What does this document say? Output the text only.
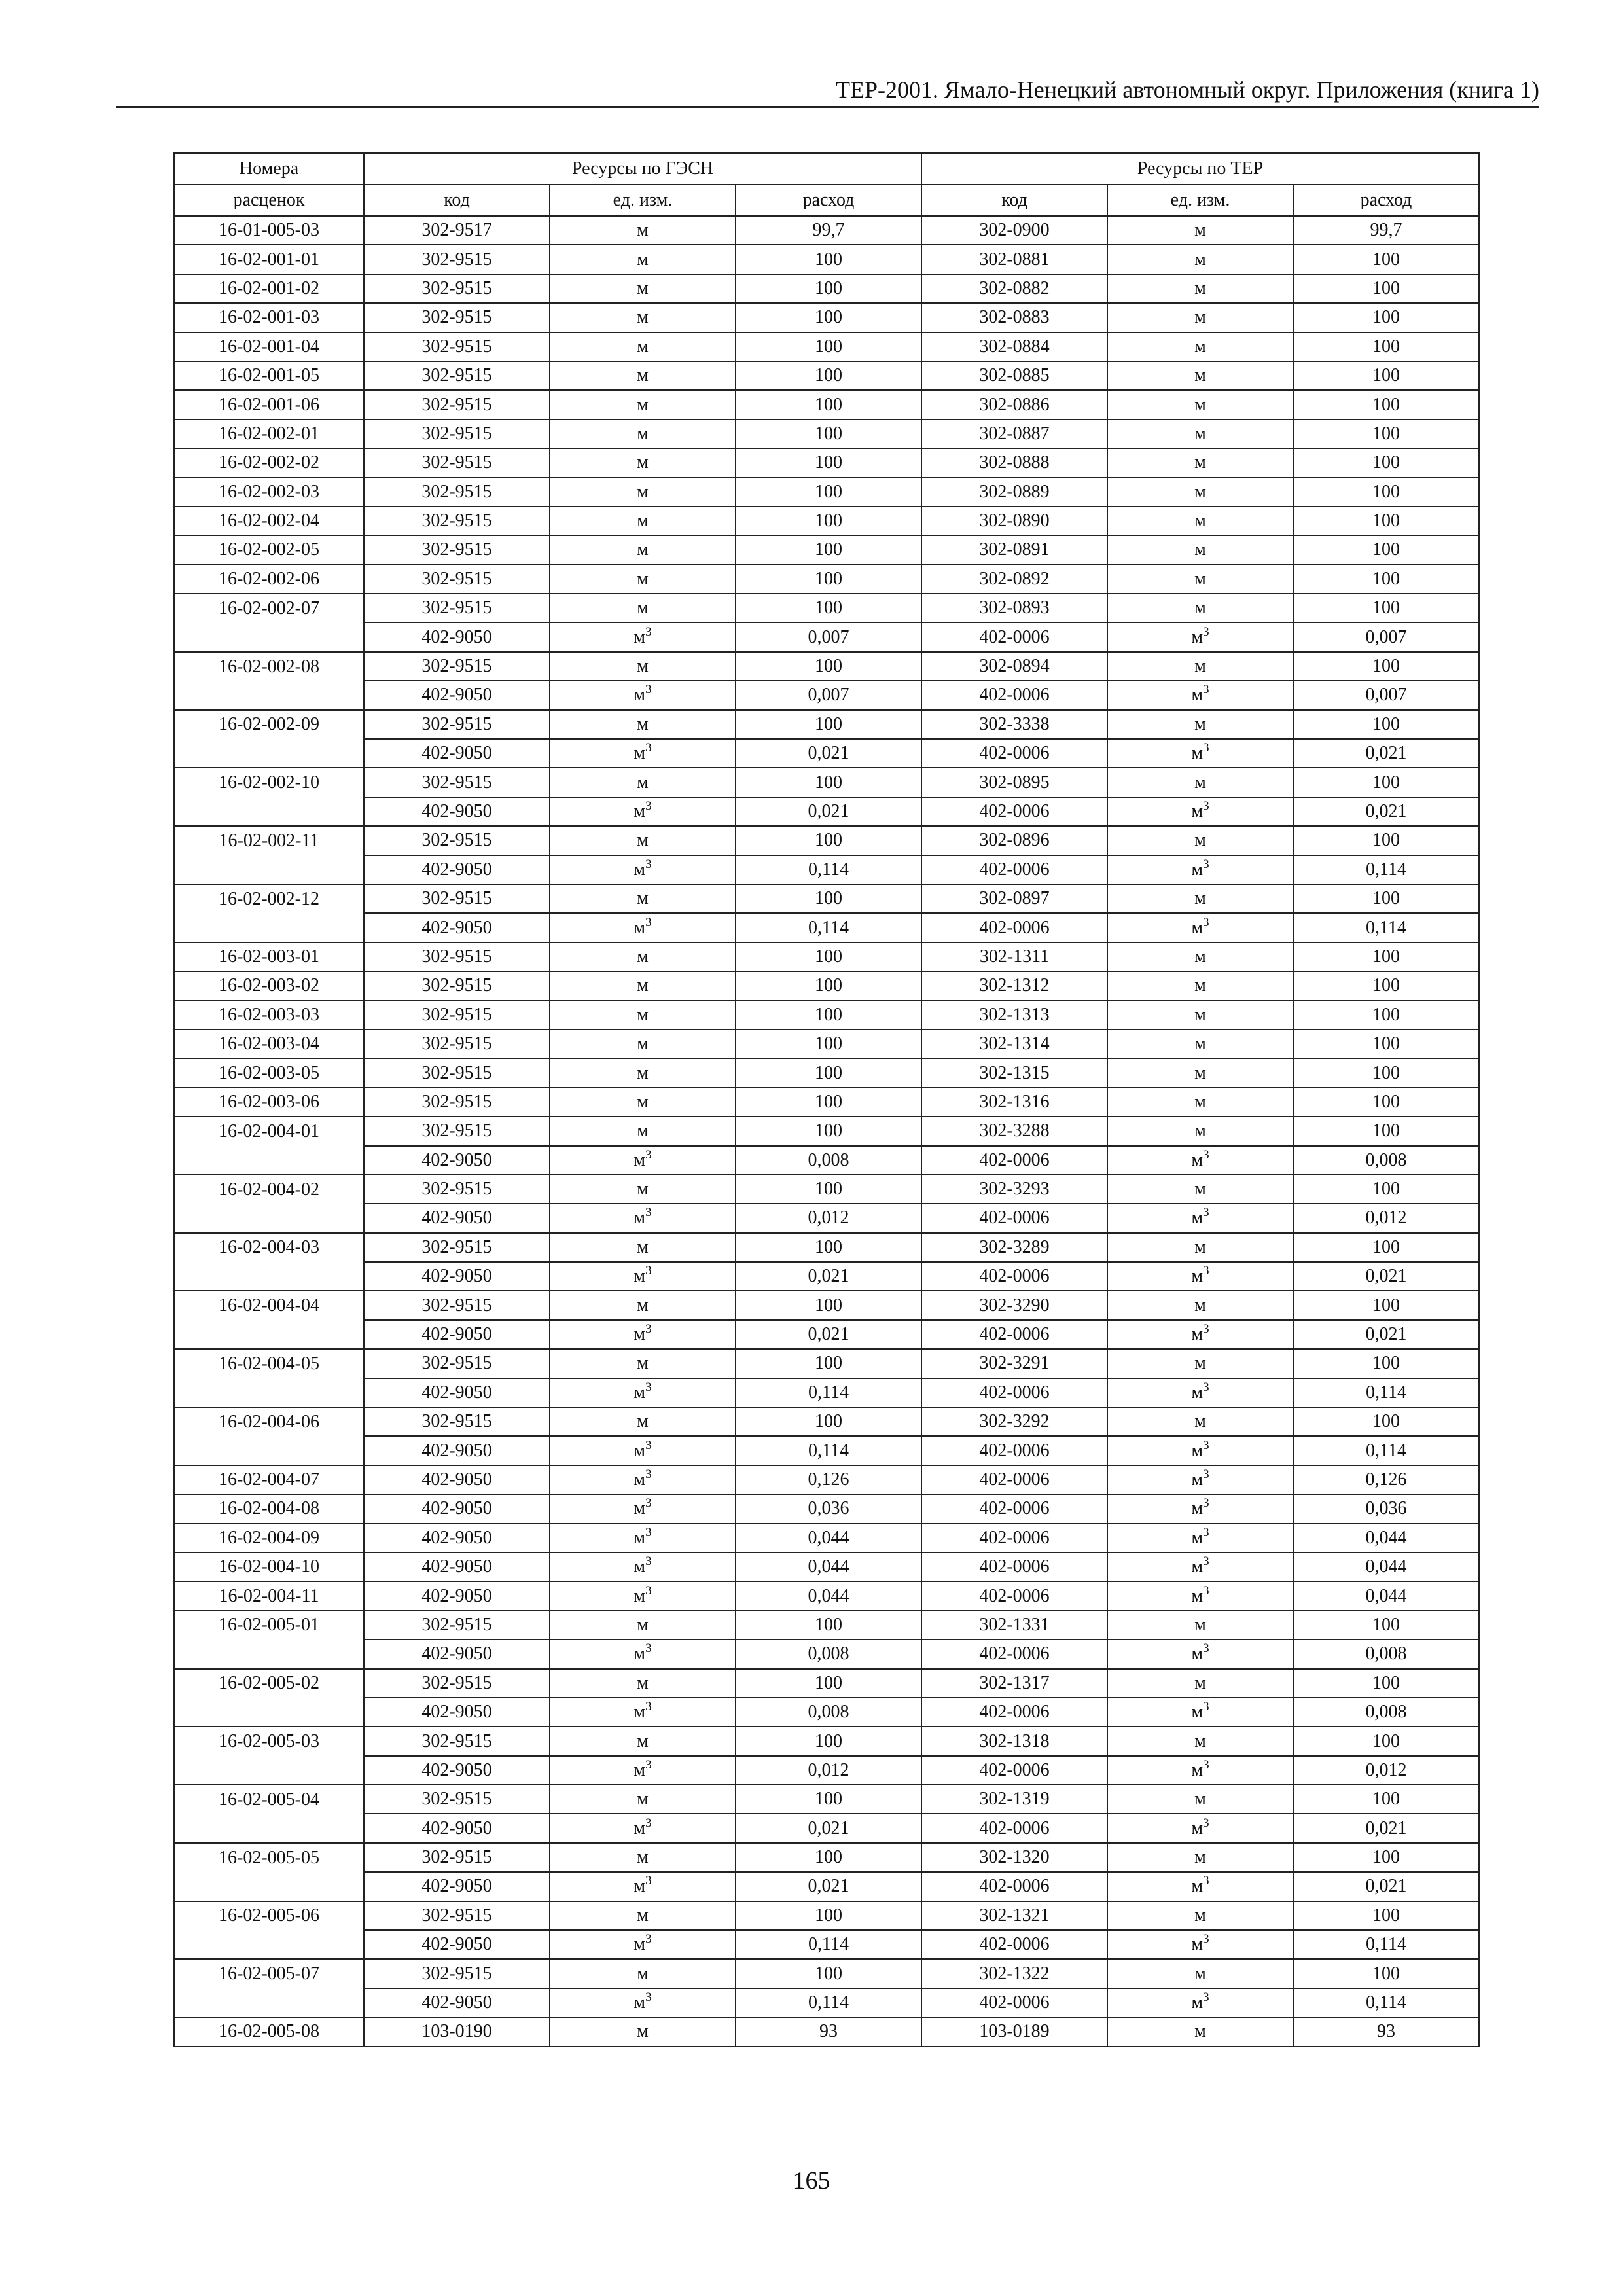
ТЕР-2001. Ямало-Ненецкий автономный округ. Приложения (книга 1)
Номера	Ресурсы по ГЭСН			Ресурсы по ТЕР		
расценок	код	ед. изм.	расход	код	ед. изм.	расход
16-01-005-03	302-9517	м	99,7	302-0900	м	99,7
16-02-001-01	302-9515	м	100	302-0881	м	100
16-02-001-02	302-9515	м	100	302-0882	м	100
16-02-001-03	302-9515	м	100	302-0883	м	100
16-02-001-04	302-9515	м	100	302-0884	м	100
16-02-001-05	302-9515	м	100	302-0885	м	100
16-02-001-06	302-9515	м	100	302-0886	м	100
16-02-002-01	302-9515	м	100	302-0887	м	100
16-02-002-02	302-9515	м	100	302-0888	м	100
16-02-002-03	302-9515	м	100	302-0889	м	100
16-02-002-04	302-9515	м	100	302-0890	м	100
16-02-002-05	302-9515	м	100	302-0891	м	100
16-02-002-06	302-9515	м	100	302-0892	м	100
16-02-002-07	302-9515	м	100	302-0893	м	100
	402-9050	$м^3$	0,007	402-0006	$м^3$	0,007
16-02-002-08	302-9515	м	100	302-0894	м	100
	402-9050	$м^3$	0,007	402-0006	$м^3$	0,007
16-02-002-09	302-9515	м	100	302-3338	м	100
	402-9050	$м^3$	0,021	402-0006	$м^3$	0,021
16-02-002-10	302-9515	м	100	302-0895	м	100
	402-9050	$м^3$	0,021	402-0006	$м^3$	0,021
16-02-002-11	302-9515	м	100	302-0896	м	100
	402-9050	$м^3$	0,114	402-0006	$м^3$	0,114
16-02-002-12	302-9515	м	100	302-0897	м	100
	402-9050	$м^3$	0,114	402-0006	$м^3$	0,114
16-02-003-01	302-9515	м	100	302-1311	м	100
16-02-003-02	302-9515	м	100	302-1312	м	100
16-02-003-03	302-9515	м	100	302-1313	м	100
16-02-003-04	302-9515	м	100	302-1314	м	100
16-02-003-05	302-9515	м	100	302-1315	м	100
16-02-003-06	302-9515	м	100	302-1316	м	100
16-02-004-01	302-9515	м	100	302-3288	м	100
	402-9050	$м^3$	0,008	402-0006	$м^3$	0,008
16-02-004-02	302-9515	м	100	302-3293	м	100
	402-9050	$м^3$	0,012	402-0006	$м^3$	0,012
16-02-004-03	302-9515	м	100	302-3289	м	100
	402-9050	$м^3$	0,021	402-0006	$м^3$	0,021
16-02-004-04	302-9515	м	100	302-3290	м	100
	402-9050	$м^3$	0,021	402-0006	$м^3$	0,021
16-02-004-05	302-9515	м	100	302-3291	м	100
	402-9050	$м^3$	0,114	402-0006	$м^3$	0,114
16-02-004-06	302-9515	м	100	302-3292	м	100
	402-9050	$м^3$	0,114	402-0006	$м^3$	0,114
16-02-004-07	402-9050	$м^3$	0,126	402-0006	$м^3$	0,126
16-02-004-08	402-9050	$м^3$	0,036	402-0006	$м^3$	0,036
16-02-004-09	402-9050	$м^3$	0,044	402-0006	$м^3$	0,044
16-02-004-10	402-9050	$м^3$	0,044	402-0006	$м^3$	0,044
16-02-004-11	402-9050	$м^3$	0,044	402-0006	$м^3$	0,044
16-02-005-01	302-9515	м	100	302-1331	м	100
	402-9050	$м^3$	0,008	402-0006	$м^3$	0,008
16-02-005-02	302-9515	м	100	302-1317	м	100
	402-9050	$м^3$	0,008	402-0006	$м^3$	0,008
16-02-005-03	302-9515	м	100	302-1318	м	100
	402-9050	$м^3$	0,012	402-0006	$м^3$	0,012
16-02-005-04	302-9515	м	100	302-1319	м	100
	402-9050	$м^3$	0,021	402-0006	$м^3$	0,021
16-02-005-05	302-9515	м	100	302-1320	м	100
	402-9050	$м^3$	0,021	402-0006	$м^3$	0,021
16-02-005-06	302-9515	м	100	302-1321	м	100
	402-9050	$м^3$	0,114	402-0006	$м^3$	0,114
16-02-005-07	302-9515	м	100	302-1322	м	100
	402-9050	$м^3$	0,114	402-0006	$м^3$	0,114
16-02-005-08	103-0190	м	93	103-0189	м	93
165
